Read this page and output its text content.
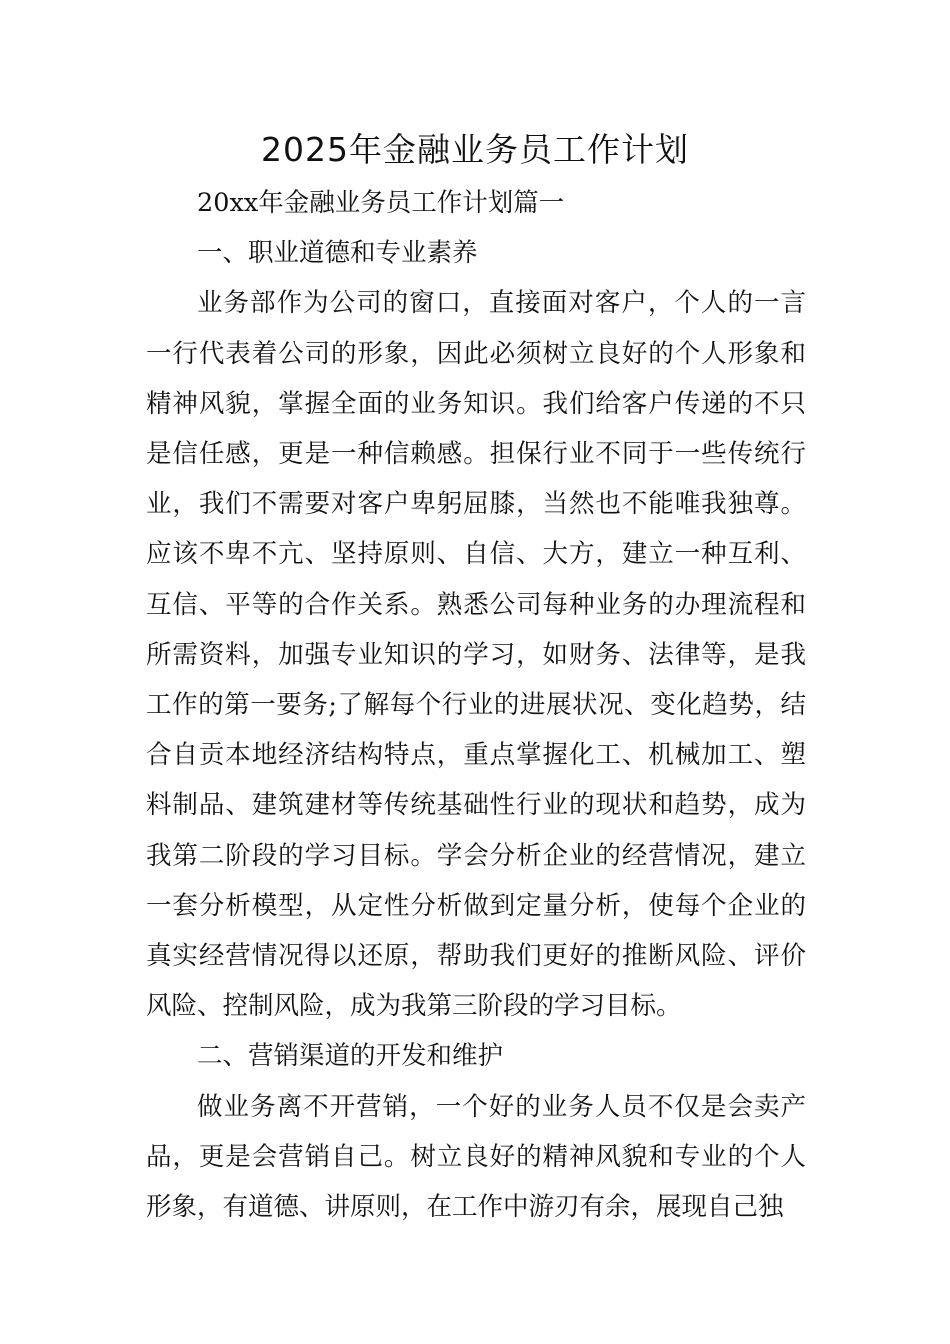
2025年金融业务员工作计划

20xx年金融业务员工作计划篇一

一、职业道德和专业素养

业务部作为公司的窗口，直接面对客户，个人的一言一行代表着公司的形象，因此必须树立良好的个人形象和精神风貌，掌握全面的业务知识。我们给客户传递的不只是信任感，更是一种信赖感。担保行业不同于一些传统行业，我们不需要对客户卑躬屈膝，当然也不能唯我独尊。应该不卑不亢、坚持原则、自信、大方，建立一种互利、互信、平等的合作关系。熟悉公司每种业务的办理流程和所需资料，加强专业知识的学习，如财务、法律等，是我工作的第一要务;了解每个行业的进展状况、变化趋势，结合自贡本地经济结构特点，重点掌握化工、机械加工、塑料制品、建筑建材等传统基础性行业的现状和趋势，成为我第二阶段的学习目标。学会分析企业的经营情况，建立一套分析模型，从定性分析做到定量分析，使每个企业的真实经营情况得以还原，帮助我们更好的推断风险、评价风险、控制风险，成为我第三阶段的学习目标。

二、营销渠道的开发和维护

做业务离不开营销，一个好的业务人员不仅是会卖产品，更是会营销自己。树立良好的精神风貌和专业的个人形象，有道德、讲原则，在工作中游刃有余，展现自己独
